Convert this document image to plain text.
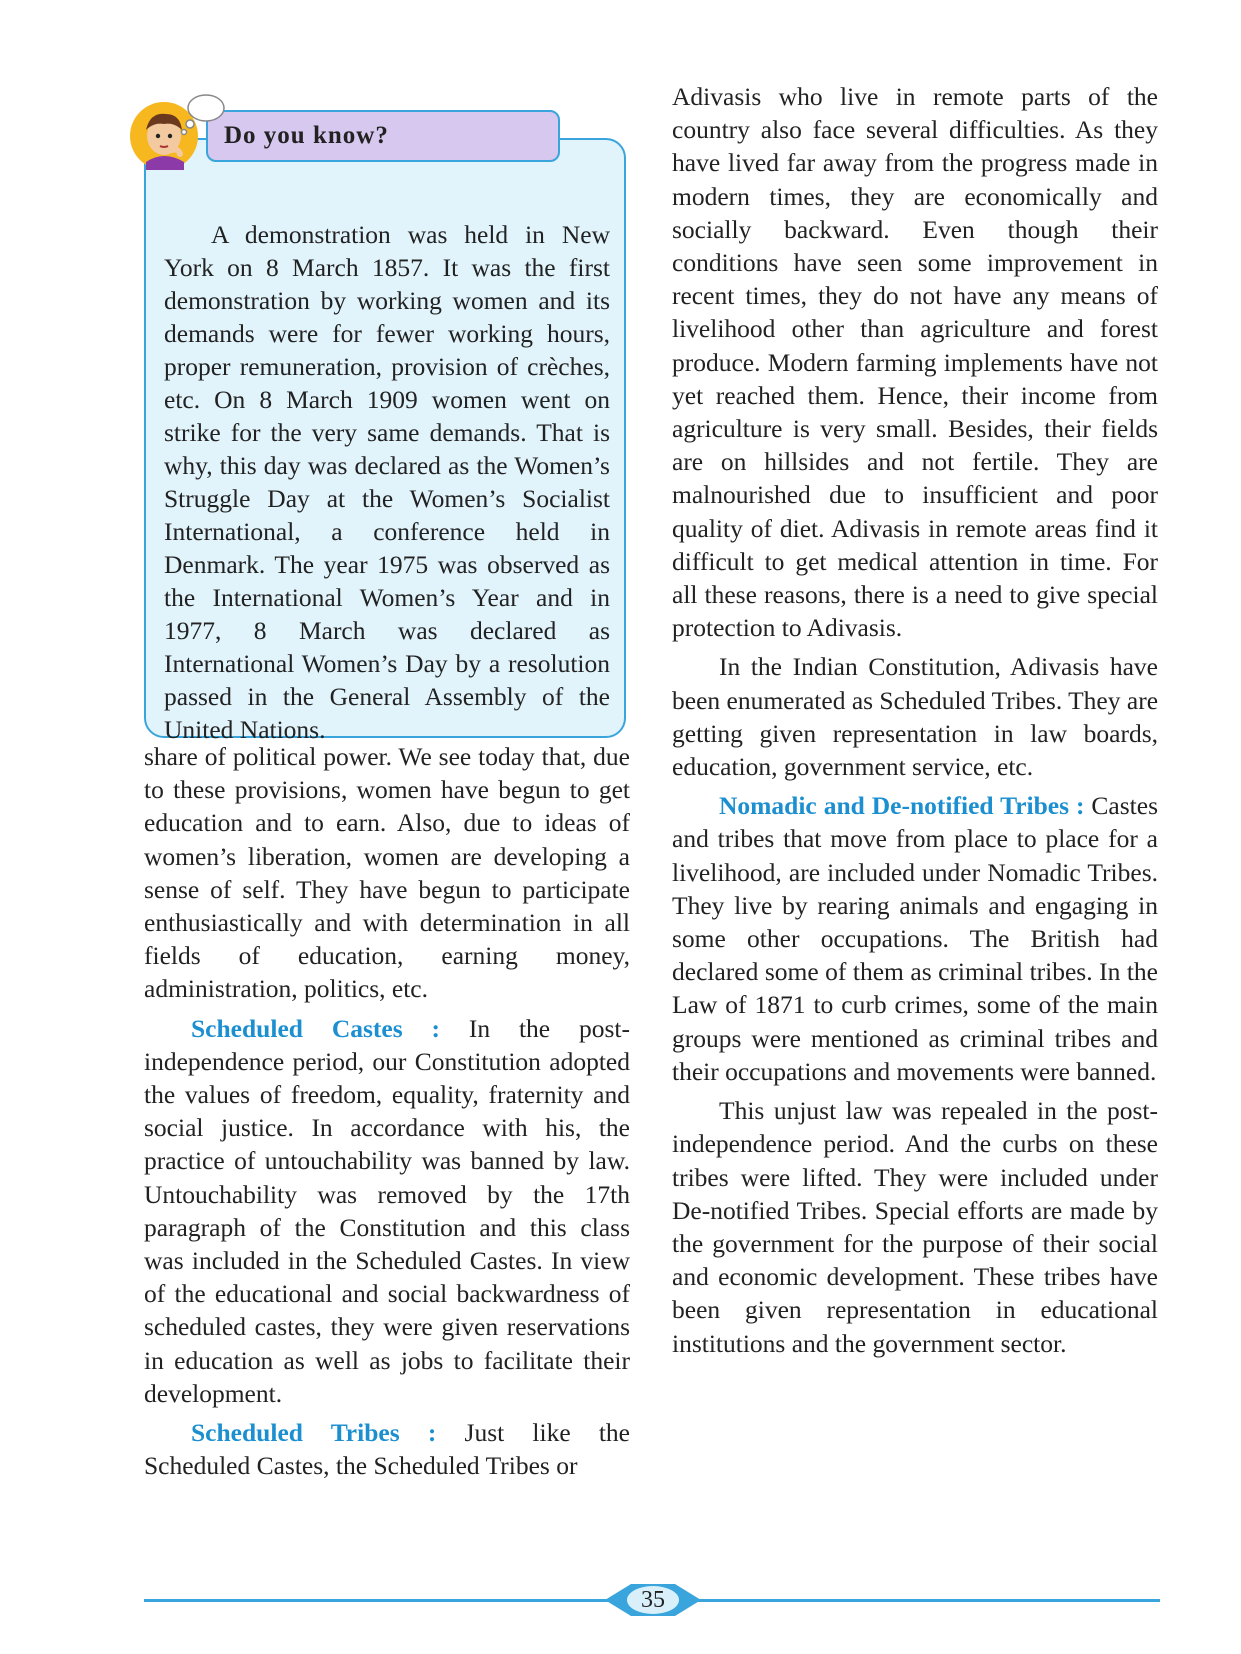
A demonstration was held in New York on 8 March 1857. It was the first demonstration by working women and its demands were for fewer working hours, proper remuneration, provision of crèches, etc. On 8 March 1909 women went on strike for the very same demands. That is why, this day was declared as the Women’s Struggle Day at the Women’s Socialist International, a conference held in Denmark. The year 1975 was observed as the International Women’s Year and in 1977, 8 March was declared as International Women’s Day by a resolution passed in the General Assembly of the United Nations.

Do you know?

share of political power. We see today that, due to these provisions, women have begun to get education and to earn. Also, due to ideas of women’s liberation, women are developing a sense of self. They have begun to participate enthusiastically and with determination in all fields of education, earning money, administration, politics, etc.

Scheduled Castes : In the post-independence period, our Constitution adopted the values of freedom, equality, fraternity and social justice. In accordance with his, the practice of untouchability was banned by law. Untouchability was removed by the 17th paragraph of the Constitution and this class was included in the Scheduled Castes. In view of the educational and social backwardness of scheduled castes, they were given reservations in education as well as jobs to facilitate their development.

Scheduled Tribes : Just like the Scheduled Castes, the Scheduled Tribes or

Adivasis who live in remote parts of the country also face several difficulties. As they have lived far away from the progress made in modern times, they are economically and socially backward. Even though their conditions have seen some improvement in recent times, they do not have any means of livelihood other than agriculture and forest produce. Modern farming implements have not yet reached them. Hence, their income from agriculture is very small. Besides, their fields are on hillsides and not fertile. They are malnourished due to insufficient and poor quality of diet. Adivasis in remote areas find it difficult to get medical attention in time. For all these reasons, there is a need to give special protection to Adivasis.

In the Indian Constitution, Adivasis have been enumerated as Scheduled Tribes. They are getting given representation in law boards, education, government service, etc.

Nomadic and De-notified Tribes : Castes and tribes that move from place to place for a livelihood, are included under Nomadic Tribes. They live by rearing animals and engaging in some other occupations. The British had declared some of them as criminal tribes. In the Law of 1871 to curb crimes, some of the main groups were mentioned as criminal tribes and their occupations and movements were banned.

This unjust law was repealed in the post-independence period. And the curbs on these tribes were lifted. They were included under De-notified Tribes. Special efforts are made by the government for the purpose of their social and economic development. These tribes have been given representation in educational institutions and the government sector.

35
